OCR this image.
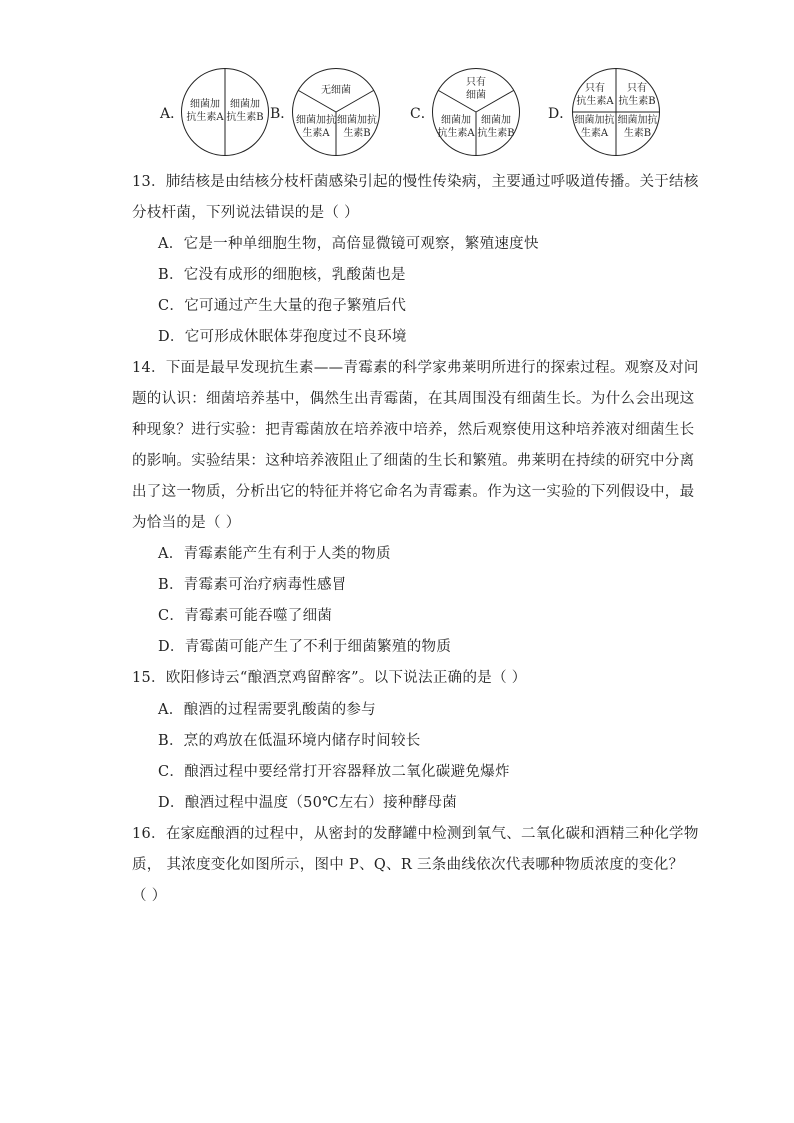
A．
细菌加
抗生素A
细菌加
抗生素B B．
无细菌
细菌加抗
生素A
细菌加抗
生素B
C．
只有
细菌
细菌加
抗生素A
细菌加
抗生素B
D．
只有
抗生素A
只有
抗生素B
细菌加抗
生素A
细菌加抗
生素B
13．肺结核是由结核分枝杆菌感染引起的慢性传染病，主要通过呼吸道传播。关于结核
分枝杆菌，下列说法错误的是（ ）
A．它是一种单细胞生物，高倍显微镜可观察，繁殖速度快
B．它没有成形的细胞核，乳酸菌也是
C．它可通过产生大量的孢子繁殖后代
D．它可形成休眠体芽孢度过不良环境
14．下面是最早发现抗生素——青霉素的科学家弗莱明所进行的探索过程。观察及对问
题的认识：细菌培养基中，偶然生出青霉菌，在其周围没有细菌生长。为什么会出现这
种现象？进行实验：把青霉菌放在培养液中培养，然后观察使用这种培养液对细菌生长
的影响。实验结果：这种培养液阻止了细菌的生长和繁殖。弗莱明在持续的研究中分离
出了这一物质，分析出它的特征并将它命名为青霉素。作为这一实验的下列假设中，最
为恰当的是（ ）
A．青霉素能产生有利于人类的物质
B．青霉素可治疗病毒性感冒
C．青霉素可能吞噬了细菌
D．青霉菌可能产生了不利于细菌繁殖的物质
15．欧阳修诗云“酿酒烹鸡留醉客”。以下说法正确的是（ ）
A．酿酒的过程需要乳酸菌的参与
B．烹的鸡放在低温环境内储存时间较长
C．酿酒过程中要经常打开容器释放二氧化碳避免爆炸
D．酿酒过程中温度（50℃左右）接种酵母菌
16．在家庭酿酒的过程中，从密封的发酵罐中检测到氧气、二氧化碳和酒精三种化学物
质， 其浓度变化如图所示，图中 P、Q、R 三条曲线依次代表哪种物质浓度的变化？
（ ）
